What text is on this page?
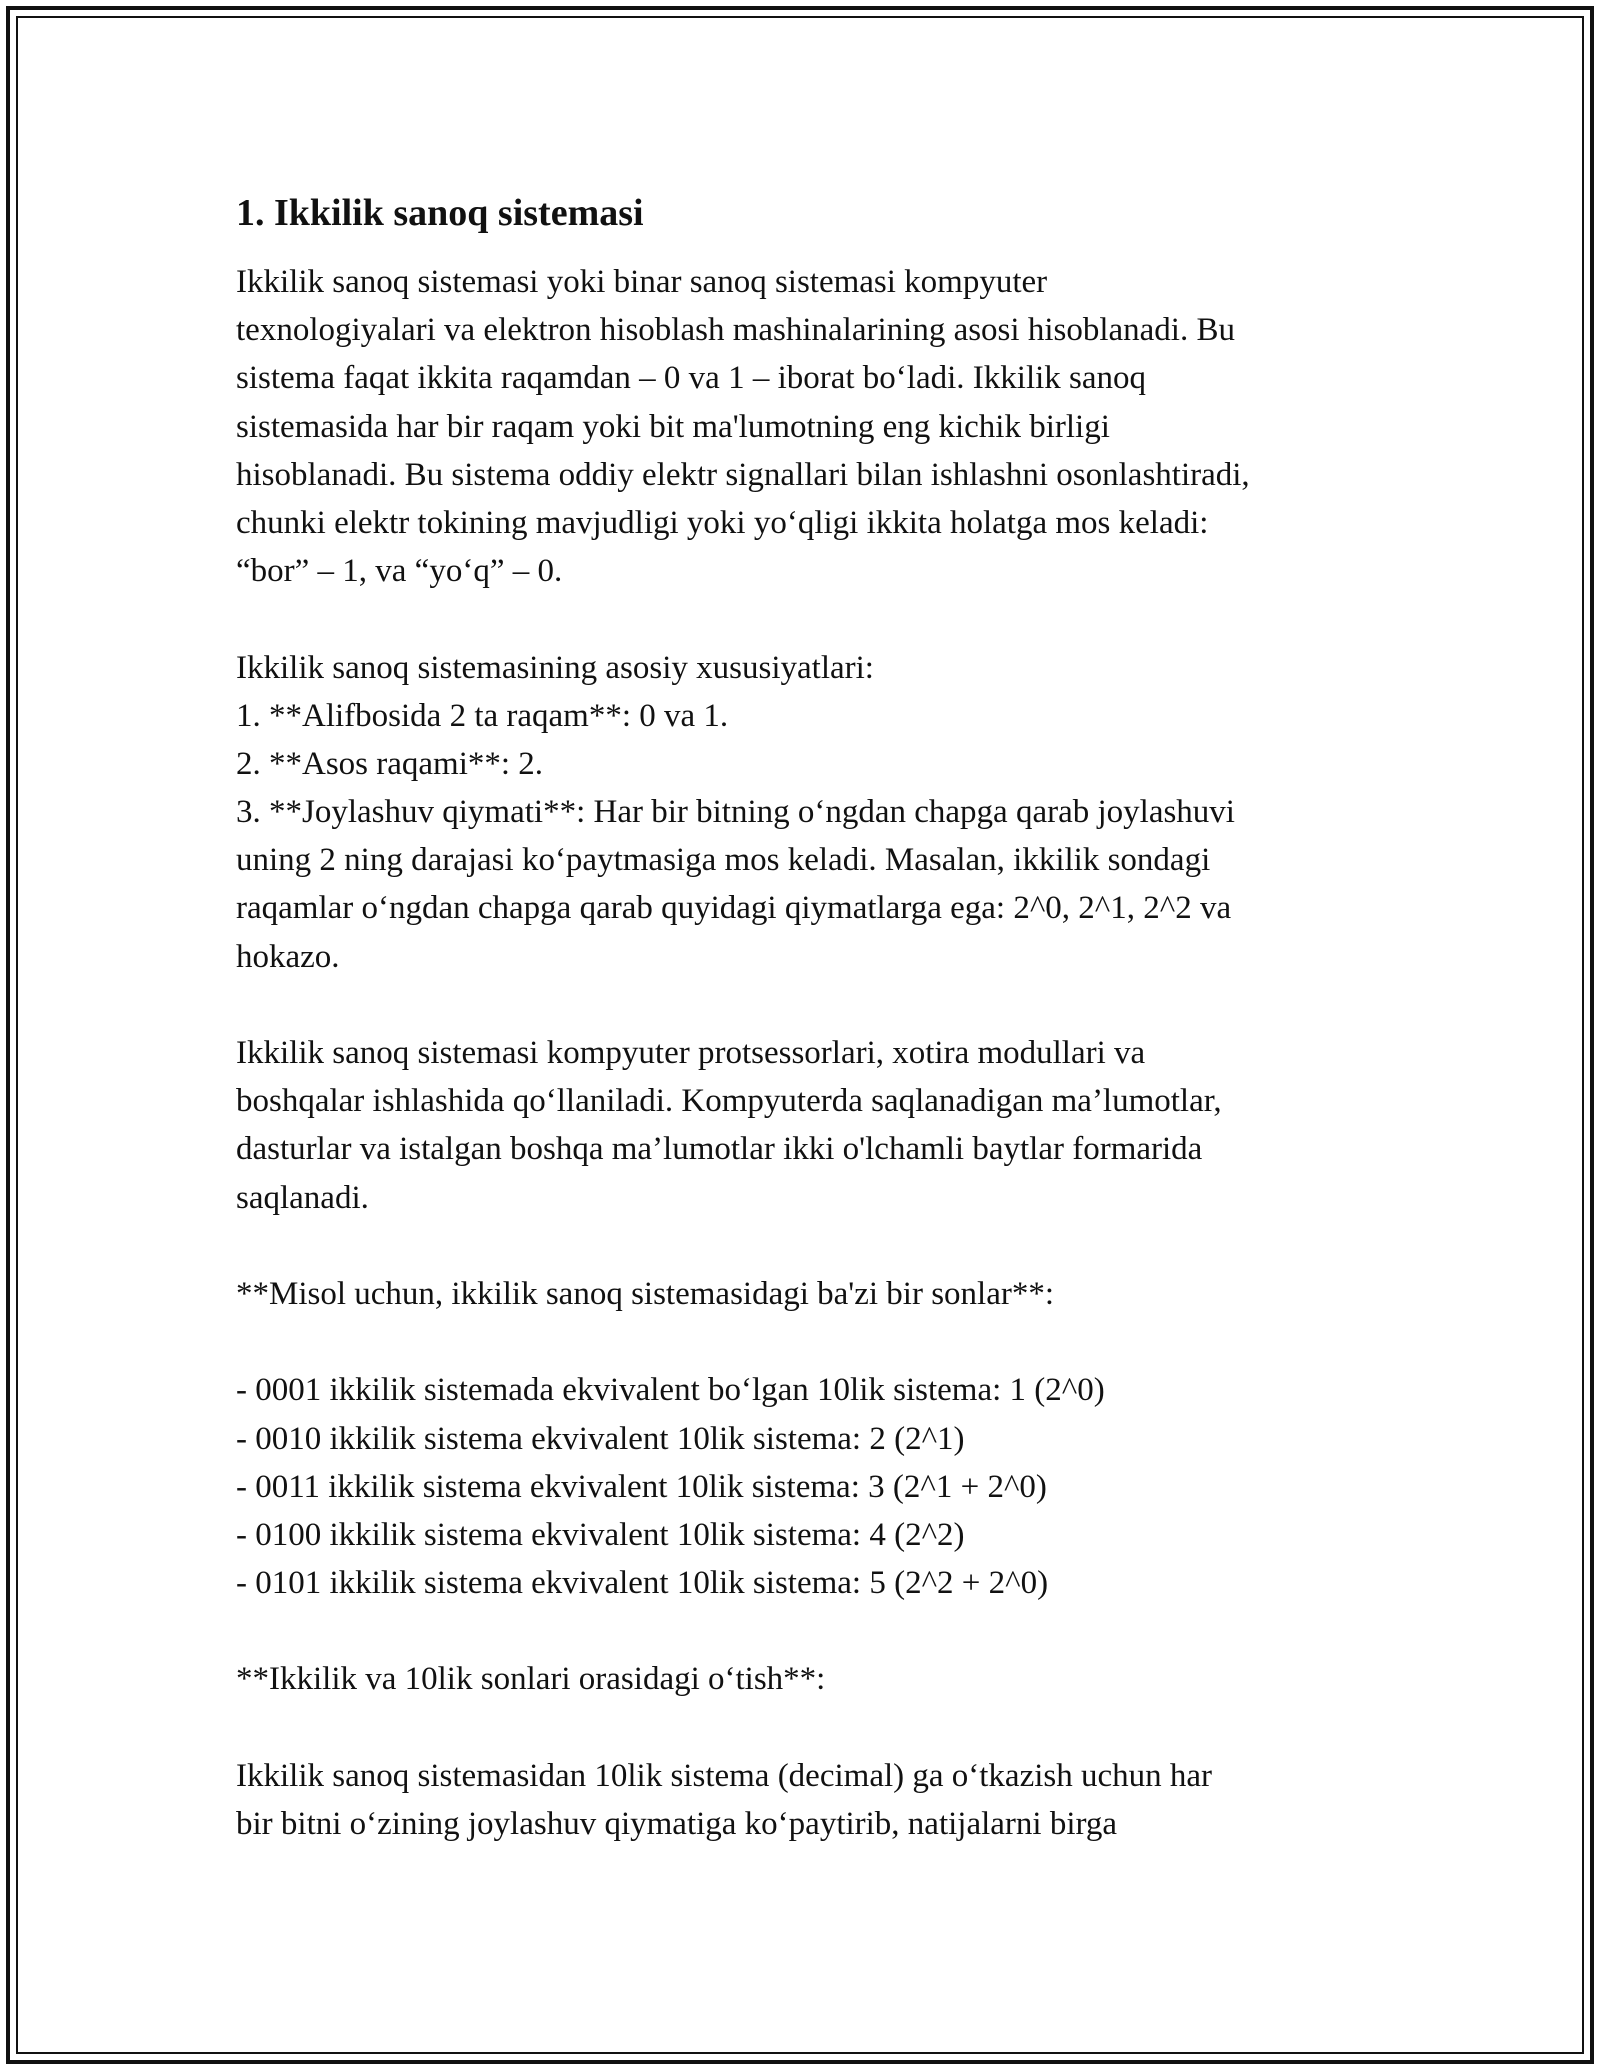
1. Ikkilik sanoq sistemasi
Ikkilik sanoq sistemasi yoki binar sanoq sistemasi kompyuter
texnologiyalari va elektron hisoblash mashinalarining asosi hisoblanadi. Bu
sistema faqat ikkita raqamdan – 0 va 1 – iborat bo‘ladi. Ikkilik sanoq
sistemasida har bir raqam yoki bit ma'lumotning eng kichik birligi
hisoblanadi. Bu sistema oddiy elektr signallari bilan ishlashni osonlashtiradi,
chunki elektr tokining mavjudligi yoki yo‘qligi ikkita holatga mos keladi:
“bor” – 1, va “yo‘q” – 0.
Ikkilik sanoq sistemasining asosiy xususiyatlari:
1. **Alifbosida 2 ta raqam**: 0 va 1.
2. **Asos raqami**: 2.
3. **Joylashuv qiymati**: Har bir bitning o‘ngdan chapga qarab joylashuvi
uning 2 ning darajasi ko‘paytmasiga mos keladi. Masalan, ikkilik sondagi
raqamlar o‘ngdan chapga qarab quyidagi qiymatlarga ega: 2^0, 2^1, 2^2 va
hokazo.
Ikkilik sanoq sistemasi kompyuter protsessorlari, xotira modullari va
boshqalar ishlashida qo‘llaniladi. Kompyuterda saqlanadigan ma’lumotlar,
dasturlar va istalgan boshqa ma’lumotlar ikki o'lchamli baytlar formarida
saqlanadi.
**Misol uchun, ikkilik sanoq sistemasidagi ba'zi bir sonlar**:
- 0001 ikkilik sistemada ekvivalent bo‘lgan 10lik sistema: 1 (2^0)
- 0010 ikkilik sistema ekvivalent 10lik sistema: 2 (2^1)
- 0011 ikkilik sistema ekvivalent 10lik sistema: 3 (2^1 + 2^0)
- 0100 ikkilik sistema ekvivalent 10lik sistema: 4 (2^2)
- 0101 ikkilik sistema ekvivalent 10lik sistema: 5 (2^2 + 2^0)
**Ikkilik va 10lik sonlari orasidagi o‘tish**:
Ikkilik sanoq sistemasidan 10lik sistema (decimal) ga o‘tkazish uchun har
bir bitni o‘zining joylashuv qiymatiga ko‘paytirib, natijalarni birga
